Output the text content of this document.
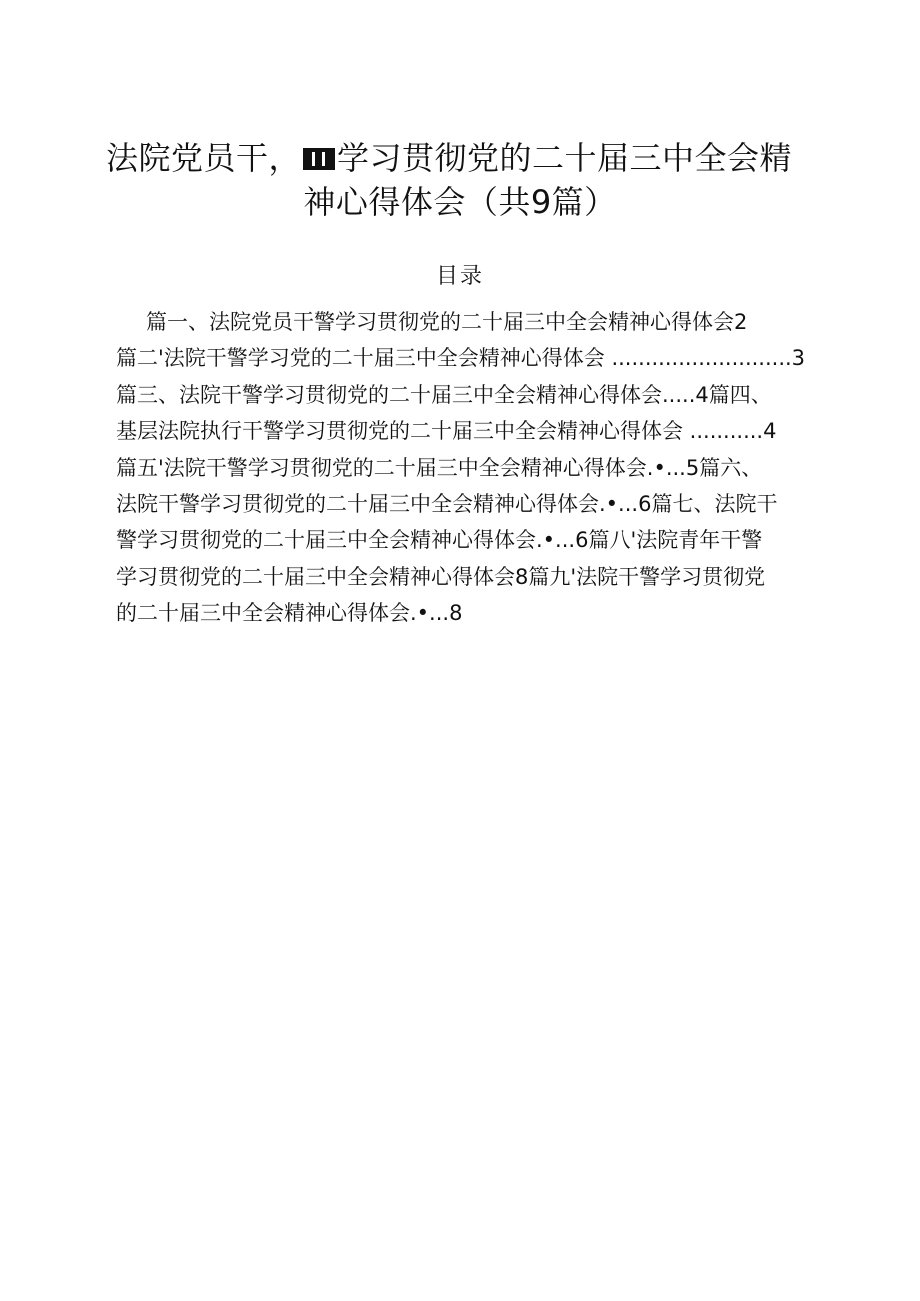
法院党员干， 学习贯彻党的二十届三中全会精
神心得体会（共9篇）
目录
篇一、法院党员干警学习贯彻党的二十届三中全会精神心得体会2
篇二'法院干警学习党的二十届三中全会精神心得体会 ...........................3
篇三、法院干警学习贯彻党的二十届三中全会精神心得体会.....4篇四、
基层法院执行干警学习贯彻党的二十届三中全会精神心得体会 ...........4
篇五'法院干警学习贯彻党的二十届三中全会精神心得体会.•...5篇六、
法院干警学习贯彻党的二十届三中全会精神心得体会.•...6篇七、法院干
警学习贯彻党的二十届三中全会精神心得体会.•...6篇八'法院青年干警
学习贯彻党的二十届三中全会精神心得体会8篇九'法院干警学习贯彻党
的二十届三中全会精神心得体会.•...8
